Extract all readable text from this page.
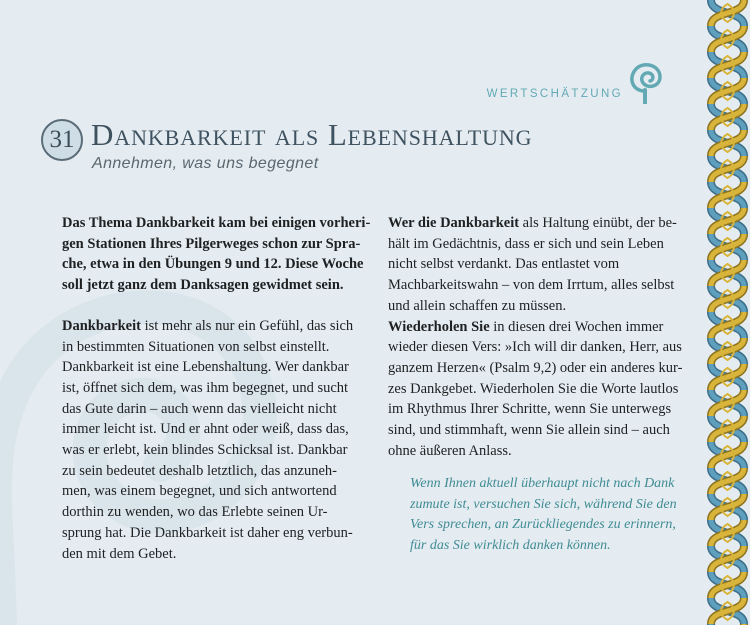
WERTSCHÄTZUNG
31 Dankbarkeit als Lebenshaltung
Annehmen, was uns begegnet
Das Thema Dankbarkeit kam bei einigen vorheri-
gen Stationen Ihres Pilgerweges schon zur Spra-
che, etwa in den Übungen 9 und 12. Diese Woche
soll jetzt ganz dem Danksagen gewidmet sein.
Dankbarkeit ist mehr als nur ein Gefühl, das sich
in bestimmten Situationen von selbst einstellt.
Dankbarkeit ist eine Lebenshaltung. Wer dankbar
ist, öffnet sich dem, was ihm begegnet, und sucht
das Gute darin – auch wenn das vielleicht nicht
immer leicht ist. Und er ahnt oder weiß, dass das,
was er erlebt, kein blindes Schicksal ist. Dankbar
zu sein bedeutet deshalb letztlich, das anzuneh-
men, was einem begegnet, und sich antwortend
dorthin zu wenden, wo das Erlebte seinen Ur-
sprung hat. Die Dankbarkeit ist daher eng verbun-
den mit dem Gebet.
Wer die Dankbarkeit als Haltung einübt, der be-
hält im Gedächtnis, dass er sich und sein Leben
nicht selbst verdankt. Das entlastet vom
Machbarkeitswahn – von dem Irrtum, alles selbst
und allein schaffen zu müssen.
Wiederholen Sie in diesen drei Wochen immer
wieder diesen Vers: »Ich will dir danken, Herr, aus
ganzem Herzen« (Psalm 9,2) oder ein anderes kur-
zes Dankgebet. Wiederholen Sie die Worte lautlos
im Rhythmus Ihrer Schritte, wenn Sie unterwegs
sind, und stimmhaft, wenn Sie allein sind – auch
ohne äußeren Anlass.
Wenn Ihnen aktuell überhaupt nicht nach Dank
zumute ist, versuchen Sie sich, während Sie den
Vers sprechen, an Zurückliegendes zu erinnern,
für das Sie wirklich danken können.
